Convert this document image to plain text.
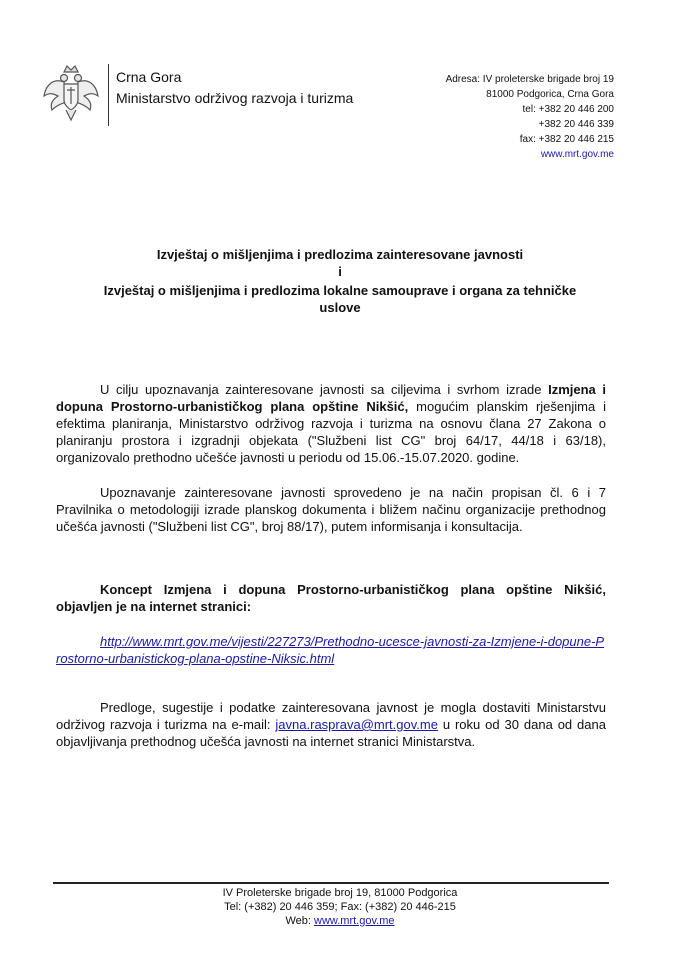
Crna Gora
Ministarstvo održivog razvoja i turizma
Adresa: IV proleterske brigade broj 19
81000 Podgorica, Crna Gora
tel: +382 20 446 200
+382 20 446 339
fax: +382 20 446 215
www.mrt.gov.me
Izvještaj o mišljenjima i predlozima zainteresovane javnosti
i
Izvještaj o mišljenjima i predlozima lokalne samouprave i organa za tehničke
uslove
U cilju upoznavanja zainteresovane javnosti sa ciljevima i svrhom izrade Izmjena i dopuna Prostorno-urbanističkog plana opštine Nikšić, mogućim planskim rješenjima i efektima planiranja, Ministarstvo održivog razvoja i turizma na osnovu člana 27 Zakona o planiranju prostora i izgradnji objekata ("Službeni list CG" broj 64/17, 44/18 i 63/18), organizovalo prethodno učešće javnosti u periodu od 15.06.-15.07.2020. godine.
Upoznavanje zainteresovane javnosti sprovedeno je na način propisan čl. 6 i 7 Pravilnika o metodologiji izrade planskog dokumenta i bližem načinu organizacije prethodnog učešća javnosti ("Službeni list CG", broj 88/17), putem informisanja i konsultacija.
Koncept Izmjena i dopuna Prostorno-urbanističkog plana opštine Nikšić, objavljen je na internet stranici:
http://www.mrt.gov.me/vijesti/227273/Prethodno-ucesce-javnosti-za-Izmjene-i-dopune-Prostorno-urbanistickog-plana-opstine-Niksic.html
Predloge, sugestije i podatke zainteresovana javnost je mogla dostaviti Ministarstvu održivog razvoja i turizma na e-mail: javna.rasprava@mrt.gov.me u roku od 30 dana od dana objavljivanja prethodnog učešća javnosti na internet stranici Ministarstva.
IV Proleterske brigade broj 19, 81000 Podgorica
Tel: (+382) 20 446 359; Fax: (+382) 20 446-215
Web: www.mrt.gov.me
